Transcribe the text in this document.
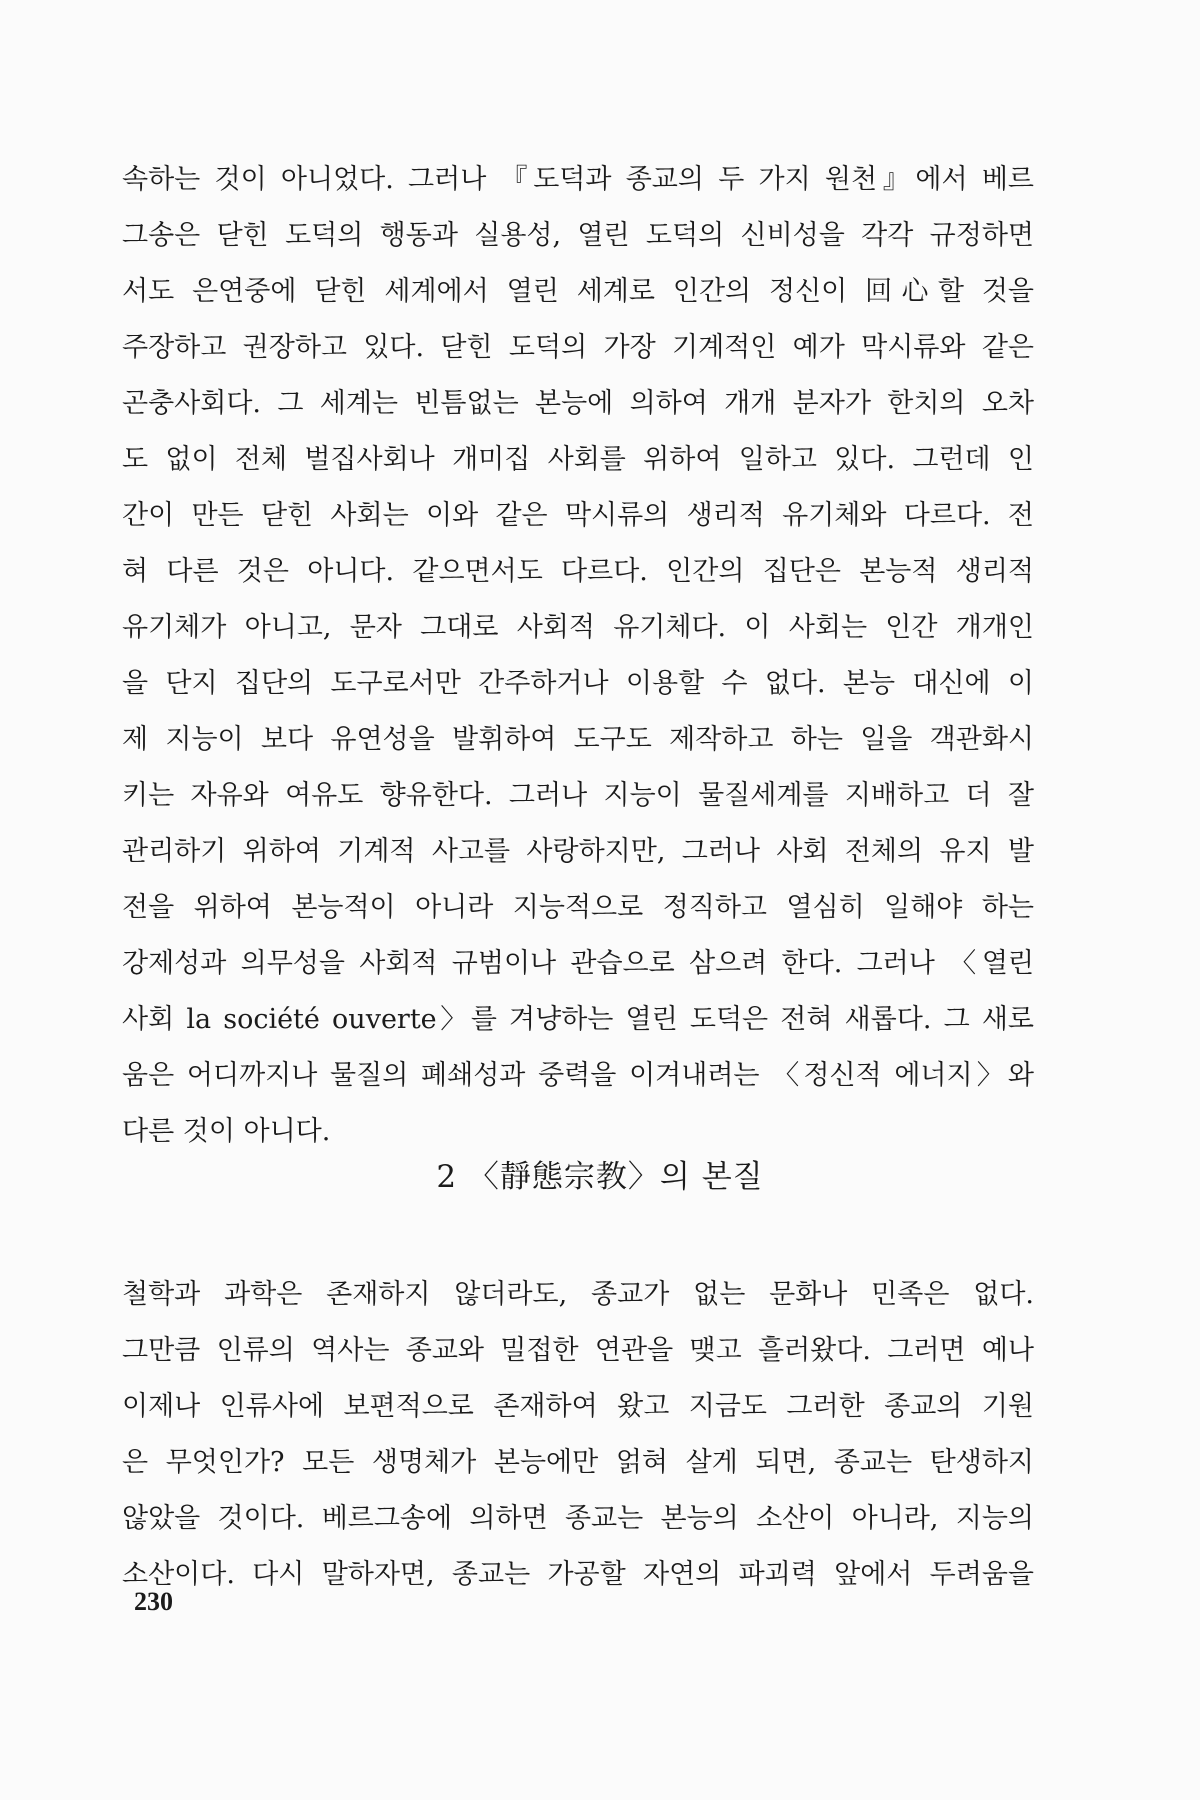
속하는 것이 아니었다. 그러나 『도덕과 종교의 두 가지 원천』에서 베르
그송은 닫힌 도덕의 행동과 실용성, 열린 도덕의 신비성을 각각 규정하면
서도 은연중에 닫힌 세계에서 열린 세계로 인간의 정신이 回心할 것을
주장하고 권장하고 있다. 닫힌 도덕의 가장 기계적인 예가 막시류와 같은
곤충사회다. 그 세계는 빈틈없는 본능에 의하여 개개 분자가 한치의 오차
도 없이 전체 벌집사회나 개미집 사회를 위하여 일하고 있다. 그런데 인
간이 만든 닫힌 사회는 이와 같은 막시류의 생리적 유기체와 다르다. 전
혀 다른 것은 아니다. 같으면서도 다르다. 인간의 집단은 본능적 생리적
유기체가 아니고, 문자 그대로 사회적 유기체다. 이 사회는 인간 개개인
을 단지 집단의 도구로서만 간주하거나 이용할 수 없다. 본능 대신에 이
제 지능이 보다 유연성을 발휘하여 도구도 제작하고 하는 일을 객관화시
키는 자유와 여유도 향유한다. 그러나 지능이 물질세계를 지배하고 더 잘
관리하기 위하여 기계적 사고를 사랑하지만, 그러나 사회 전체의 유지 발
전을 위하여 본능적이 아니라 지능적으로 정직하고 열심히 일해야 하는
강제성과 의무성을 사회적 규범이나 관습으로 삼으려 한다. 그러나 〈열린
사회 la société ouverte〉를 겨냥하는 열린 도덕은 전혀 새롭다. 그 새로
움은 어디까지나 물질의 폐쇄성과 중력을 이겨내려는 〈정신적 에너지〉와
다른 것이 아니다.
2 〈靜態宗教〉의 본질
철학과 과학은 존재하지 않더라도, 종교가 없는 문화나 민족은 없다.
그만큼 인류의 역사는 종교와 밀접한 연관을 맺고 흘러왔다. 그러면 예나
이제나 인류사에 보편적으로 존재하여 왔고 지금도 그러한 종교의 기원
은 무엇인가? 모든 생명체가 본능에만 얽혀 살게 되면, 종교는 탄생하지
않았을 것이다. 베르그송에 의하면 종교는 본능의 소산이 아니라, 지능의
소산이다. 다시 말하자면, 종교는 가공할 자연의 파괴력 앞에서 두려움을
230
